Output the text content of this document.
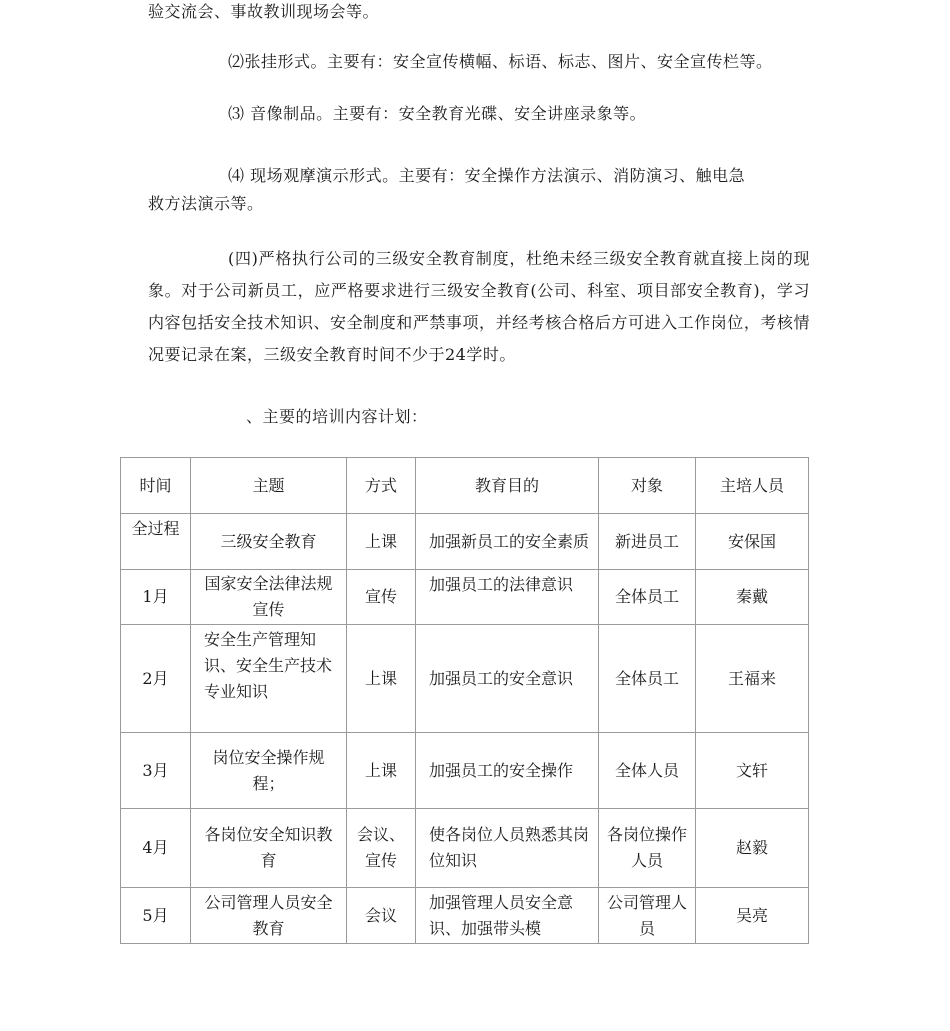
验交流会、事故教训现场会等。
⑵张挂形式。主要有：安全宣传横幅、标语、标志、图片、安全宣传栏等。
⑶ 音像制品。主要有：安全教育光碟、安全讲座录象等。
⑷ 现场观摩演示形式。主要有：安全操作方法演示、消防演习、触电急
救方法演示等。
(四)严格执行公司的三级安全教育制度，杜绝未经三级安全教育就直接上岗的现象。对于公司新员工，应严格要求进行三级安全教育(公司、科室、项目部安全教育)，学习内容包括安全技术知识、安全制度和严禁事项，并经考核合格后方可进入工作岗位，考核情况要记录在案，三级安全教育时间不少于24学时。
、主要的培训内容计划：
时间	主题	方式	教育目的	对象	主培人员
全过程	三级安全教育	上课	加强新员工的安全素质	新进员工	安保国
1月	国家安全法律法规宣传	宣传	加强员工的法律意识	全体员工	秦戴
2月	安全生产管理知识、安全生产技术专业知识	上课	加强员工的安全意识	全体员工	王福来
3月	岗位安全操作规程；	上课	加强员工的安全操作	全体人员	文轩
4月	各岗位安全知识教育	会议、宣传	使各岗位人员熟悉其岗位知识	各岗位操作人员	赵毅
5月	公司管理人员安全教育	会议	加强管理人员安全意识、加强带头模	公司管理人员	吴亮
